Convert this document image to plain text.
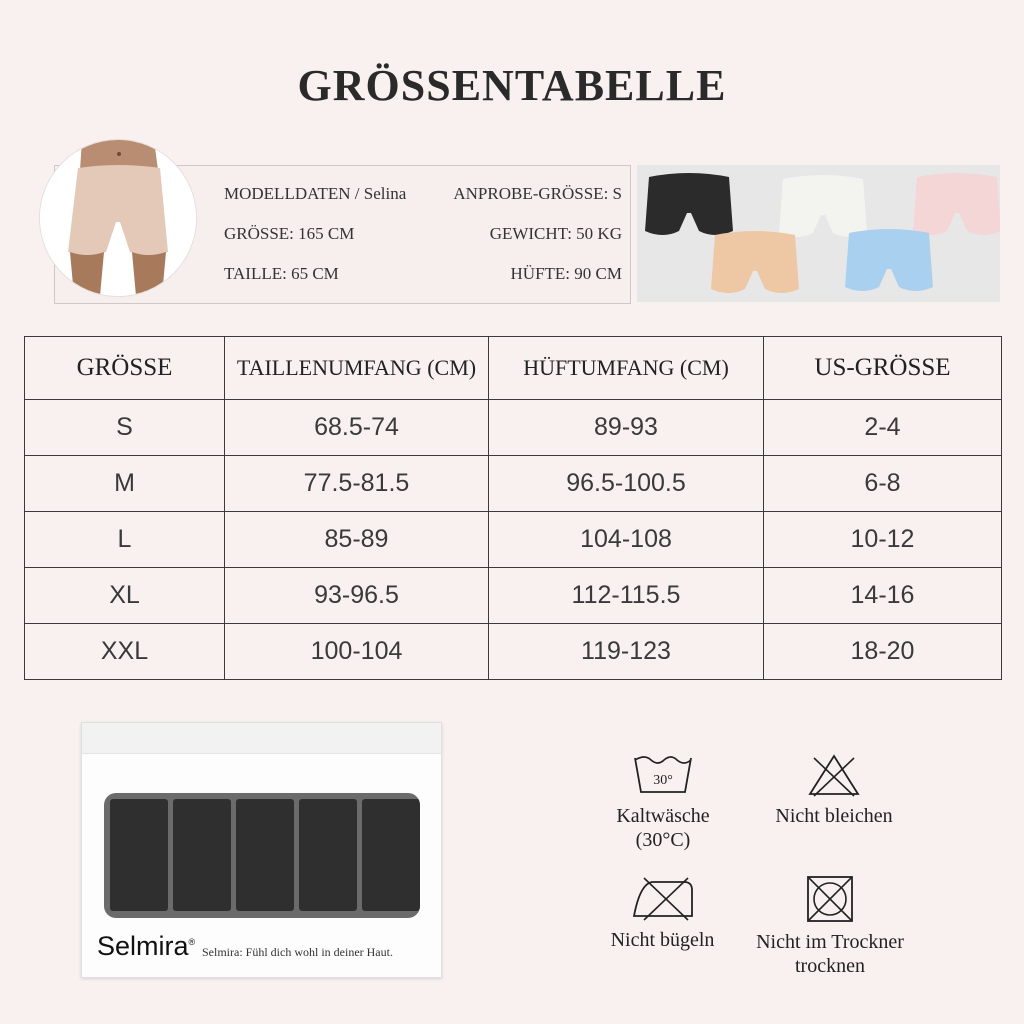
GRÖSSENTABELLE
MODELLDATEN / Selina	ANPROBE-GRÖSSE: S
GRÖSSE: 165 CM	GEWICHT: 50 KG
TAILLE: 65 CM	HÜFTE: 90 CM
GRÖSSE	TAILLENUMFANG (CM)	HÜFTUMFANG (CM)	US-GRÖSSE
S	68.5-74	89-93	2-4
M	77.5-81.5	96.5-100.5	6-8
L	85-89	104-108	10-12
XL	93-96.5	112-115.5	14-16
XXL	100-104	119-123	18-20
Selmira®
Selmira: Fühl dich wohl in deiner Haut.
30°
Kaltwäsche
(30°C)
Nicht bleichen
Nicht bügeln	Nicht im Trockner
trocknen
